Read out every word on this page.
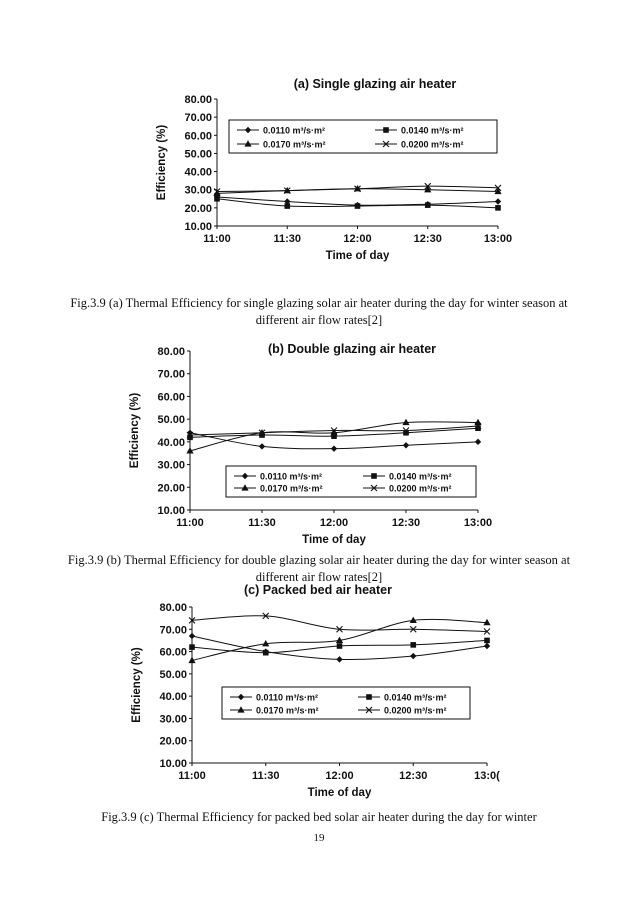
(a) Single glazing air heater
10.00
20.00
30.00
40.00
50.00
60.00
70.00
80.00
11:00	11:30	12:00	12:30	13:00
Time of day
Efficiency (%)	0.0110 m³/s·m²	0.0140 m³/s·m²
0.0170 m³/s·m²	0.0200 m³/s·m²
(b) Double glazing air heater
10.00
20.00
30.00
40.00
50.00
60.00
70.00
80.00
11:00	11:30	12:00	12:30	13:00
Time of day
Efficiency (%)
0.0110 m³/s·m²	0.0140 m³/s·m²
0.0170 m³/s·m²	0.0200 m³/s·m²
(c) Packed bed air heater
10.00
20.00
30.00
40.00
50.00
60.00
70.00
80.00
11:00	11:30	12:00	12:30	13:0(
Time of day
Efficiency (%)	0.0110 m³/s·m²	0.0140 m³/s·m²
0.0170 m³/s·m²	0.0200 m³/s·m²
Fig.3.9 (a) Thermal Efficiency for single glazing solar air heater during the day for winter season at different air flow rates[2]
Fig.3.9 (b) Thermal Efficiency for double glazing solar air heater during the day for winter season at different air flow rates[2]
Fig.3.9 (c) Thermal Efficiency for packed bed solar air heater during the day for winter
19
